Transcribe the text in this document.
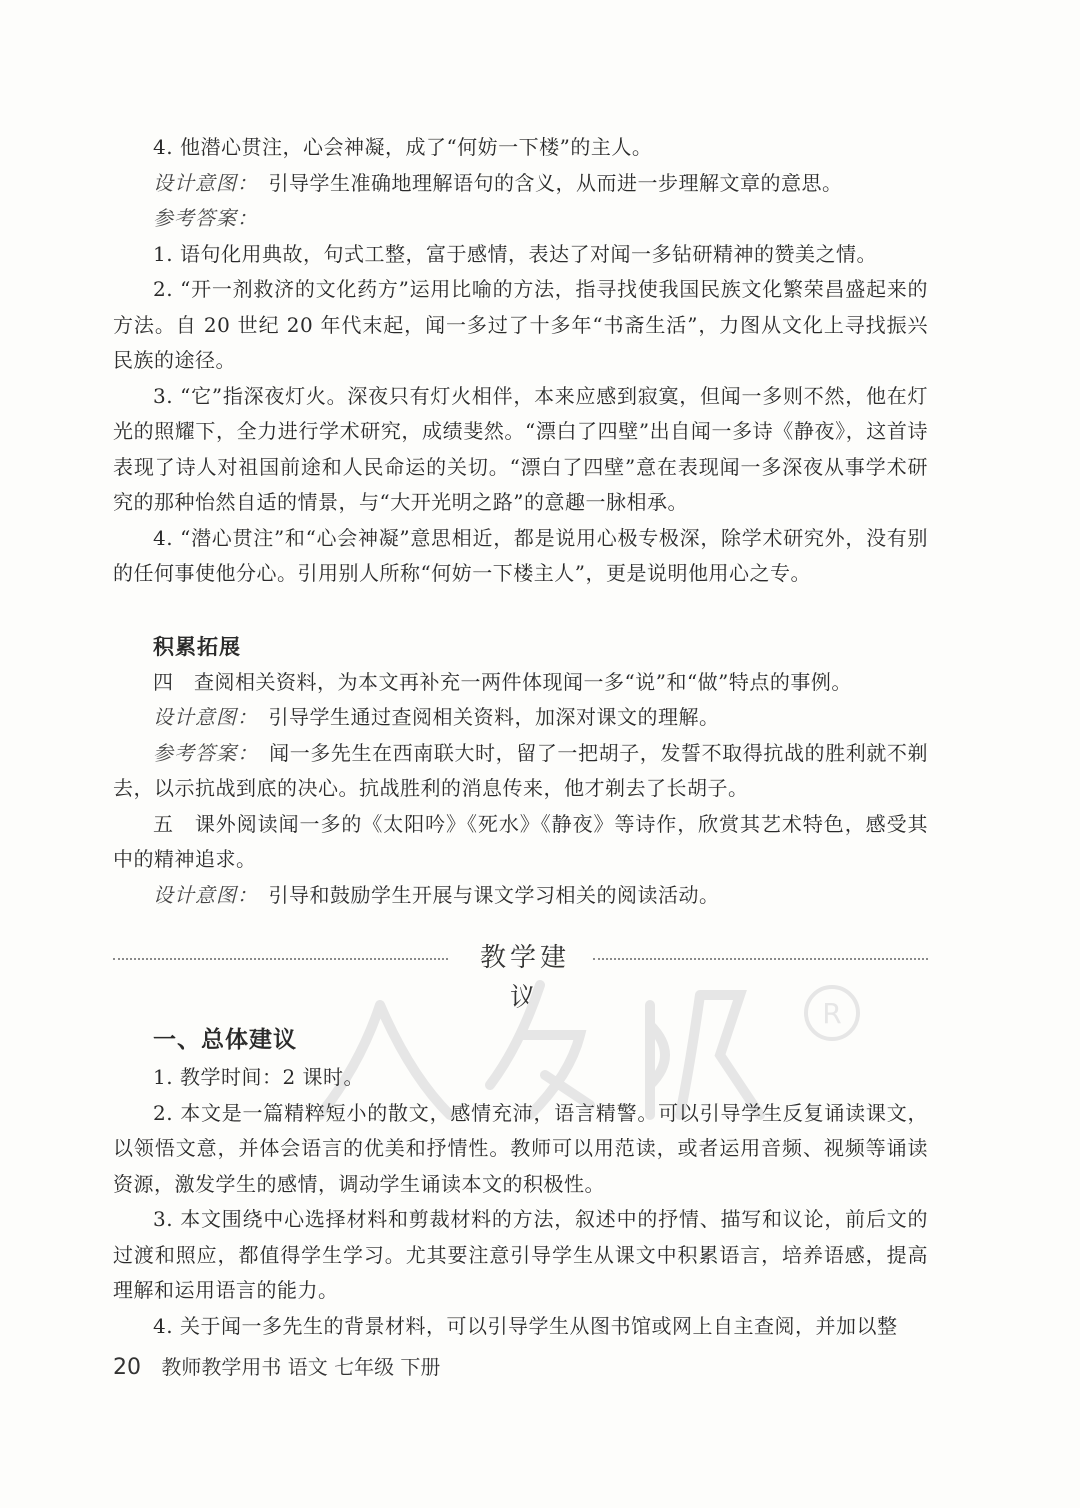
4. 他潜心贯注，心会神凝，成了“何妨一下楼”的主人。

设计意图：　 引导学生准确地理解语句的含义，从而进一步理解文章的意思。

参考答案：

1. 语句化用典故，句式工整，富于感情，表达了对闻一多钻研精神的赞美之情。

2. “开一剂救济的文化药方”运用比喻的方法，指寻找使我国民族文化繁荣昌盛起来的方法。自 20 世纪 20 年代末起，闻一多过了十多年“书斋生活”，力图从文化上寻找振兴民族的途径。

3. “它”指深夜灯火。深夜只有灯火相伴，本来应感到寂寞，但闻一多则不然，他在灯光的照耀下，全力进行学术研究，成绩斐然。“漂白了四壁”出自闻一多诗《静夜》，这首诗表现了诗人对祖国前途和人民命运的关切。“漂白了四壁”意在表现闻一多深夜从事学术研究的那种怡然自适的情景，与“大开光明之路”的意趣一脉相承。

4. “潜心贯注”和“心会神凝”意思相近，都是说用心极专极深，除学术研究外，没有别的任何事使他分心。引用别人所称“何妨一下楼主人”，更是说明他用心之专。

积累拓展

四　查阅相关资料，为本文再补充一两件体现闻一多“说”和“做”特点的事例。

设计意图：　 引导学生通过查阅相关资料，加深对课文的理解。

参考答案：　 闻一多先生在西南联大时，留了一把胡子，发誓不取得抗战的胜利就不剃去，以示抗战到底的决心。抗战胜利的消息传来，他才剃去了长胡子。

五　课外阅读闻一多的《太阳吟》《死水》《静夜》等诗作，欣赏其艺术特色，感受其中的精神追求。

设计意图：　 引导和鼓励学生开展与课文学习相关的阅读活动。

教学建议	R
一、总体建议

1. 教学时间：2 课时。

2. 本文是一篇精粹短小的散文，感情充沛，语言精警。可以引导学生反复诵读课文，以领悟文意，并体会语言的优美和抒情性。教师可以用范读，或者运用音频、视频等诵读资源，激发学生的感情，调动学生诵读本文的积极性。

3. 本文围绕中心选择材料和剪裁材料的方法，叙述中的抒情、描写和议论，前后文的过渡和照应，都值得学生学习。尤其要注意引导学生从课文中积累语言，培养语感，提高理解和运用语言的能力。

4. 关于闻一多先生的背景材料，可以引导学生从图书馆或网上自主查阅，并加以整

20 教师教学用书 语文 七年级 下册
